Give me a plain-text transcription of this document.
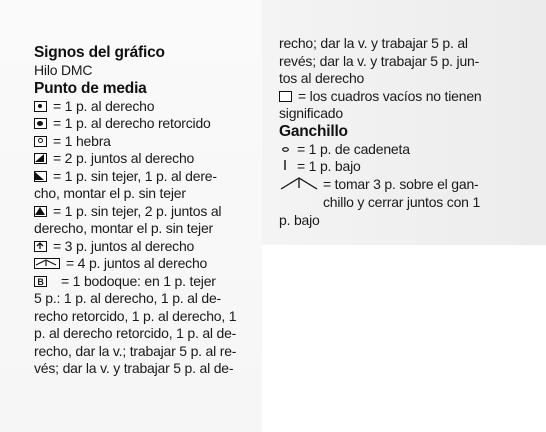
Signos del gráfico
Hilo DMC
Punto de media
= 1 p. al derecho
= 1 p. al derecho retorcido
= 1 hebra
= 2 p. juntos al derecho
= 1 p. sin tejer, 1 p. al dere-
cho, montar el p. sin tejer
= 1 p. sin tejer, 2 p. juntos al
derecho, montar el p. sin tejer
= 3 p. juntos al derecho
= 4 p. juntos al derecho
B = 1 bodoque: en 1 p. tejer
5 p.: 1 p. al derecho, 1 p. al de-
recho retorcido, 1 p. al derecho, 1
p. al derecho retorcido, 1 p. al de-
recho, dar la v.; trabajar 5 p. al re-
vés; dar la v. y trabajar 5 p. al de-
recho; dar la v. y trabajar 5 p. al
revés; dar la v. y trabajar 5 p. jun-
tos al derecho
= los cuadros vacíos no tienen
significado
Ganchillo
= 1 p. de cadeneta
= 1 p. bajo
= tomar 3 p. sobre el gan-
chillo y cerrar juntos con 1
p. bajo
